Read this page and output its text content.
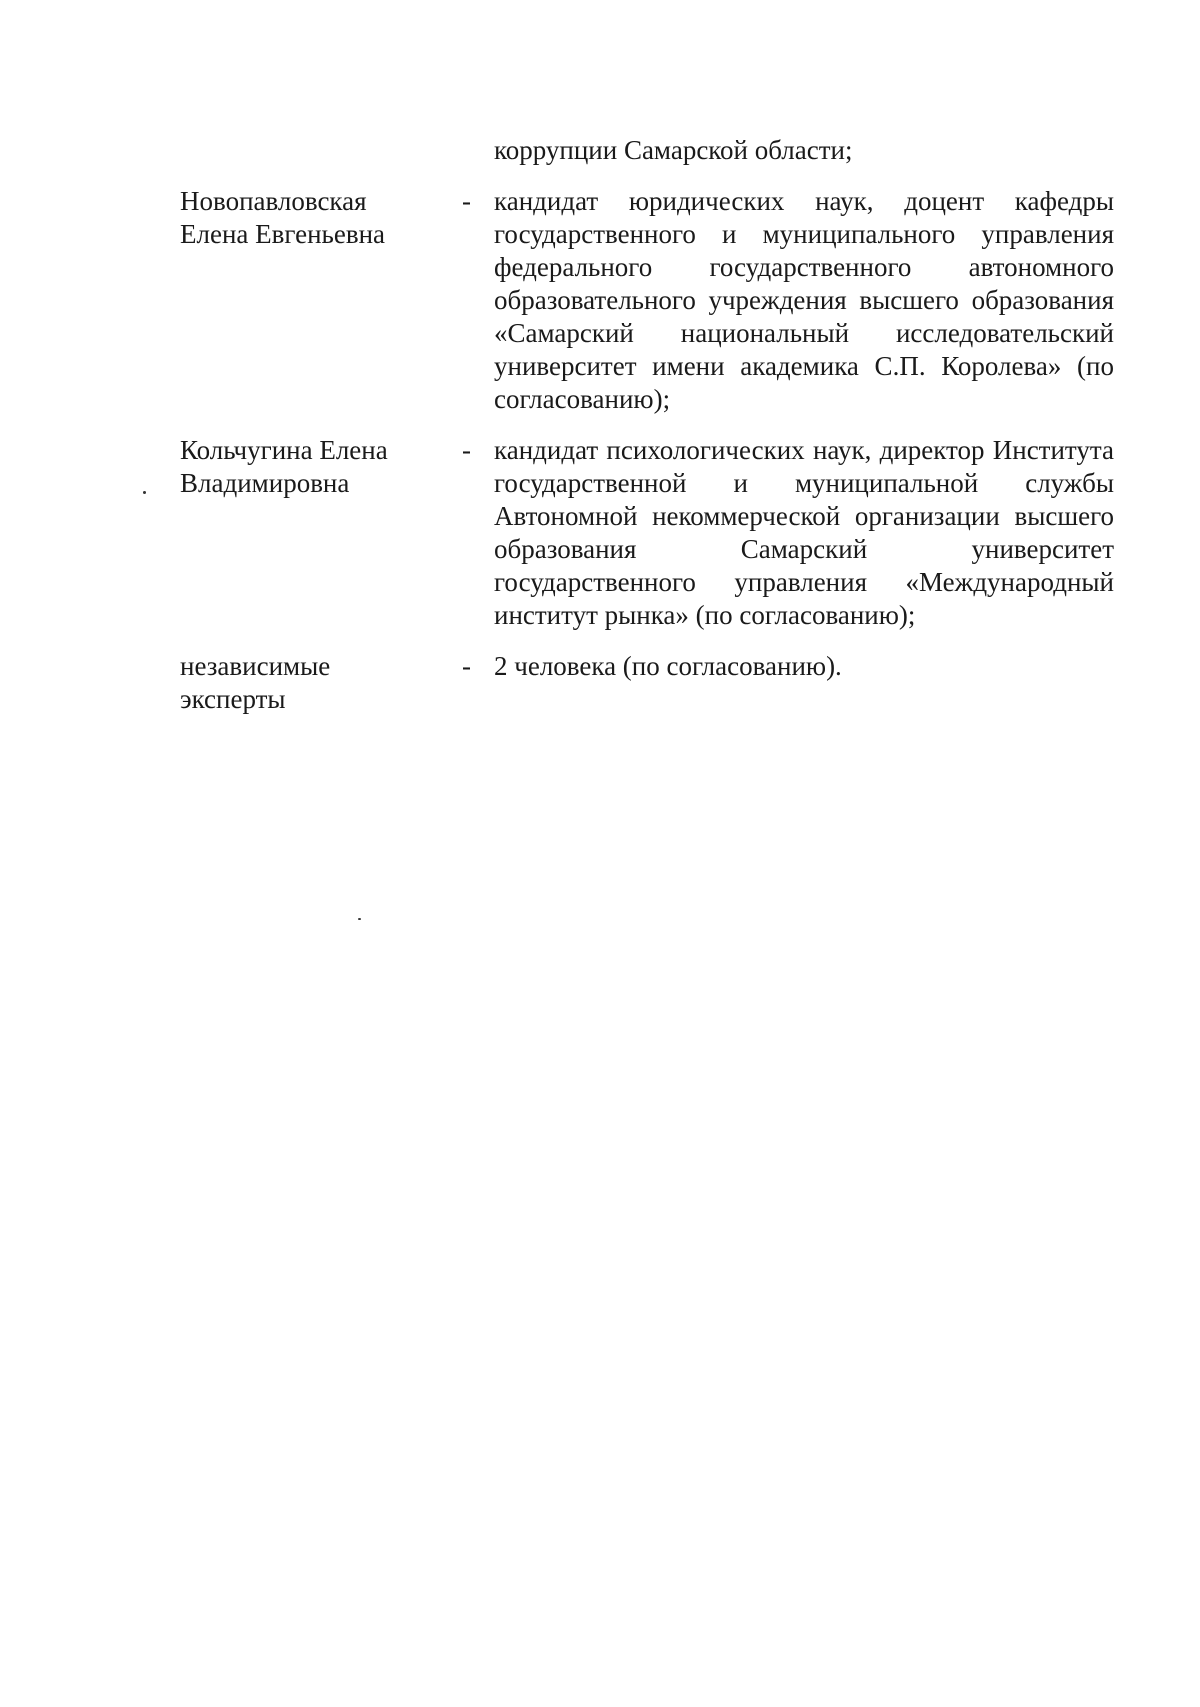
коррупции Самарской области;
Новопавловская
Елена Евгеньевна
- кандидат юридических наук, доцент кафедры государственного и муниципального управления федерального государственного автономного образовательного учреждения высшего образования «Самарский национальный исследовательский университет имени академика С.П. Королева» (по согласованию);
Кольчугина Елена
Владимировна
- кандидат психологических наук, директор Института государственной и муниципальной службы Автономной некоммерческой организации высшего образования Самарский университет государственного управления «Международный институт рынка» (по согласованию);
независимые
эксперты
- 2 человека (по согласованию).
